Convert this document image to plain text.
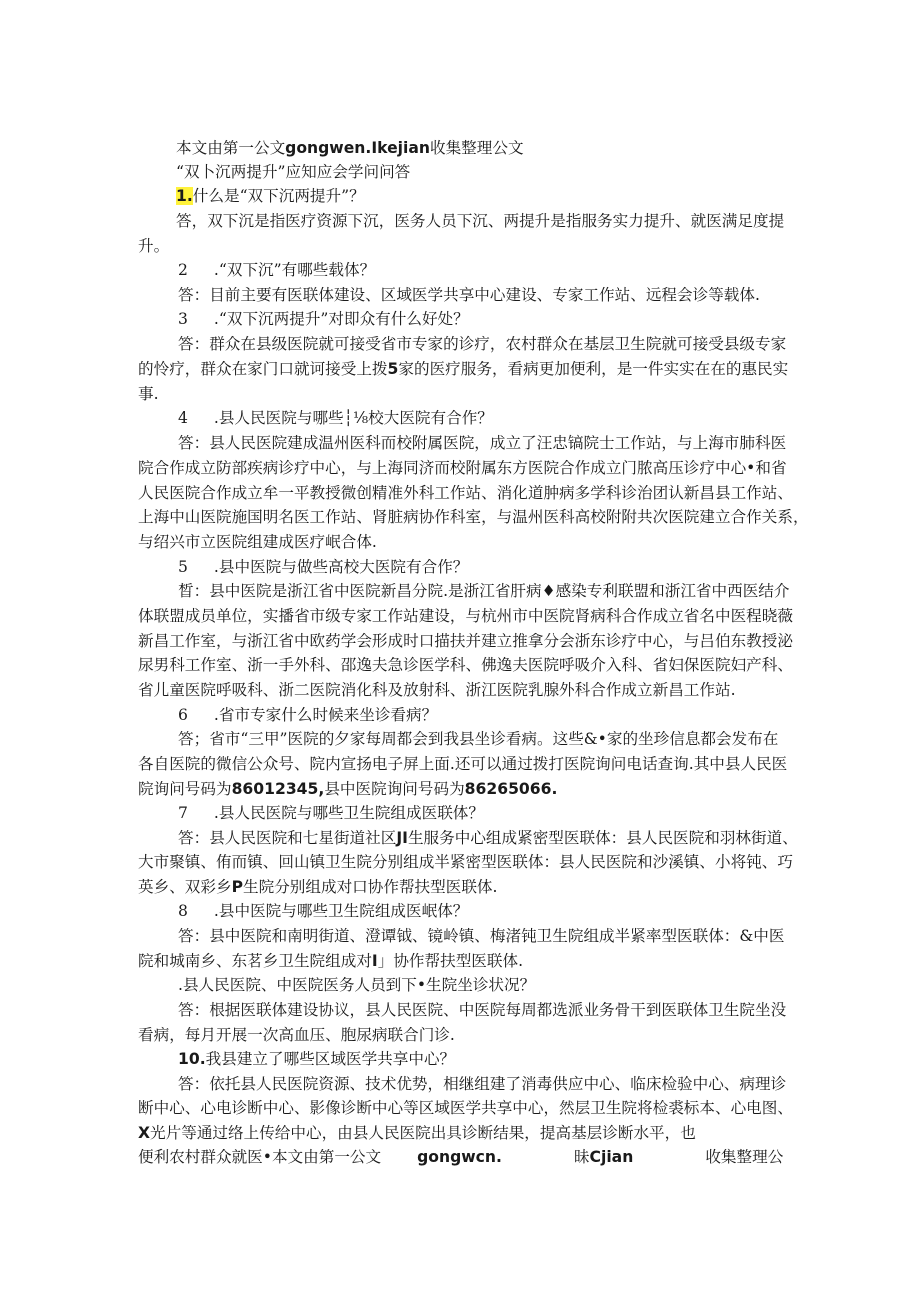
本文由第一公文gongwen.Ikejian收集整理公文
“双卜沉两提升”应知应会学问问答
1.什么是“双下沉两提升”？
答，双下沉是指医疗资源下沉，医务人员下沉、两提升是指服务实力提升、就医满足度提
升。
2 .“双下沉”有哪些载体？
答：目前主要有医联体建设、区域医学共享中心建设、专家工作站、远程会诊等载体.
3 .“双下沉两提升”对即众有什么好处？
答：群众在县级医院就可接受省市专家的诊疗，农村群众在基层卫生院就可接受县级专家
的怜疗，群众在家门口就诃接受上拨5家的医疗服务，看病更加便利，是一件实实在在的惠民实
事.
4 .县人民医院与哪些┆⅛校大医院有合作？
答：县人民医院建成温州医科而校附属医院，成立了汪忠镐院士工作站，与上海市肺科医
院合作成立防部疾病诊疗中心，与上海同济而校附属东方医院合作成立门脓高压诊疗中心•和省
人民医院合作成立牟一平教授微创精准外科工作站、消化道肿病多学科诊治团认新昌县工作站、
上海中山医院施国明名医工作站、肾脏病协作科室，与温州医科高校附附共次医院建立合作关系，
与绍兴市立医院组建成医疗岷合体.
5 .县中医院与做些高校大医院有合作？
晳：县中医院是浙江省中医院新昌分院.是浙江省肝病♦感染专利联盟和浙江省中西医结介
体联盟成员单位，实播省市级专家工作站建设，与杭州市中医院肾病科合作成立省名中医程晓薇
新昌工作室，与浙江省中欧药学会形成时口描扶并建立推拿分会浙东诊疗中心，与吕伯东教授泌
尿男科工作室、浙一手外科、邵逸夫急诊医学科、佛逸夫医院呼吸介入科、省妇保医院妇产科、
省儿童医院呼吸科、浙二医院消化科及放射科、浙江医院乳腺外科合作成立新昌工作站.
6 .省市专家什么时候来坐诊看病？
答；省市“三甲”医院的夕家每周都会到我县坐诊看病。这些&•家的坐珍信息都会发布在
各自医院的微信公众号、院内宣扬电子屏上面.还可以通过拨打医院询问电话查询.其中县人民医
院询问号码为86012345,县中医院询问号码为86265066.
7 .县人民医院与哪些卫生院组成医联体？
答：县人民医院和七星街道社区JI生服务中心组成紧密型医联体：县人民医院和羽林街道、
大市聚镇、侑而镇、回山镇卫生院分别组成半紧密型医联体：县人民医院和沙溪镇、小将钝、巧
英乡、双彩乡P生院分别组成对口协作帮扶型医联体.
8 .县中医院与哪些卫生院组成医岷体？
答：县中医院和南明街道、澄谭钺、镜岭镇、梅渚钝卫生院组成半紧率型医联体：&中医
院和城南乡、东茗乡卫生院组成对I」协作帮扶型医联体.
.县人民医院、中医院医务人员到下•生院坐诊状况？
答：根据医联体建设协议，县人民医院、中医院每周都选派业务骨干到医联体卫生院坐没
看病，每月开展一次高血压、胞尿病联合门诊.
10.我县建立了哪些区域医学共享中心？
答：依托县人民医院资源、技术优势，相继组建了消毒供应中心、临床检验中心、病理诊
断中心、心电诊断中心、影像诊断中心等区域医学共享中心，然层卫生院将检裘标本、心电图、
X光片等通过络上传给中心，由县人民医院出具诊断结果，提高基层诊断水平，也
便利农村群众就医•本文由第一公文 gongwcn.	昧Cjian	收集整理公
